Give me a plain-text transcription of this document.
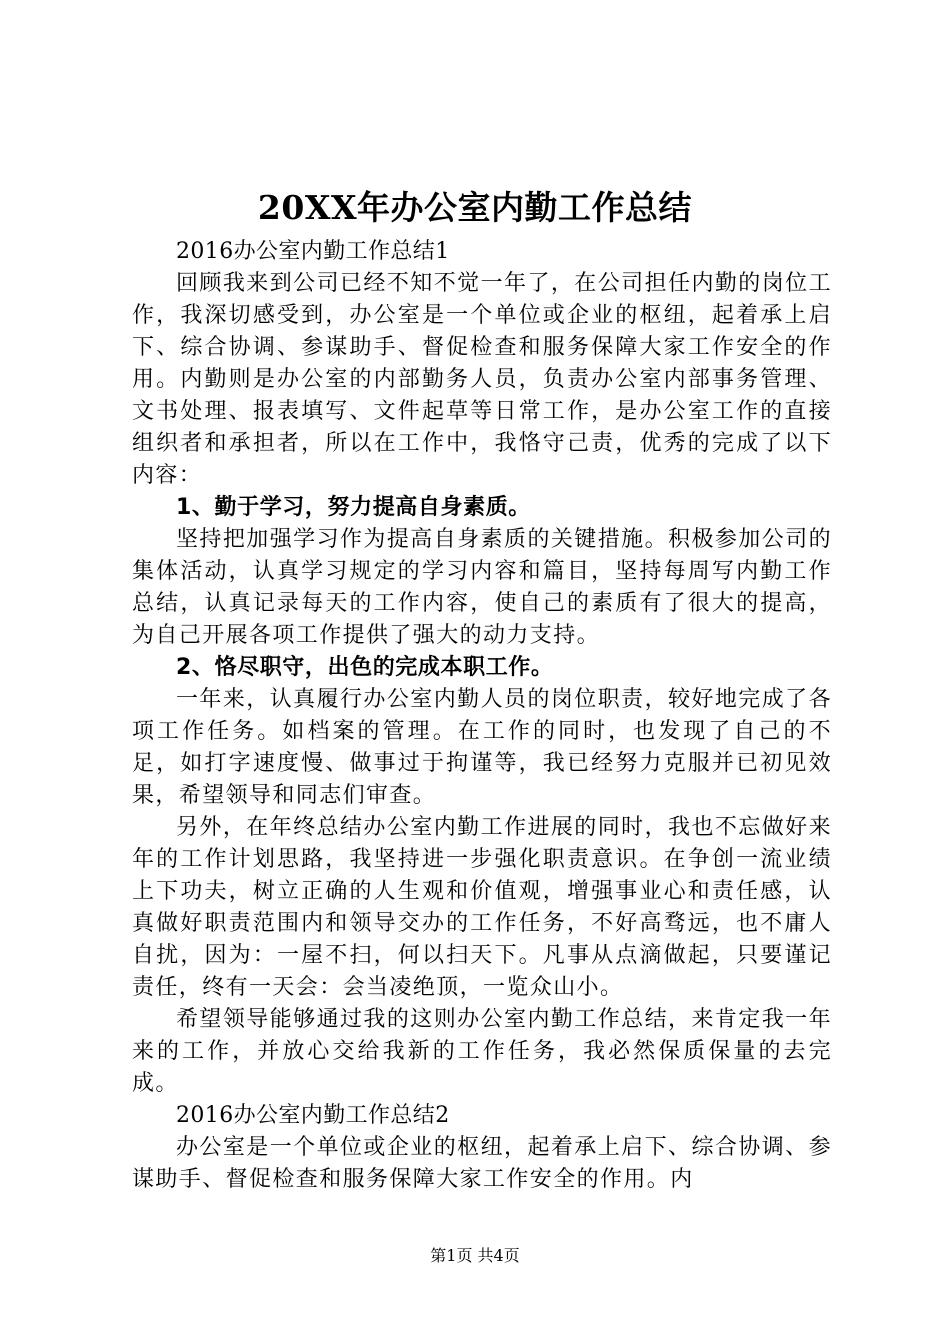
20XX年办公室内勤工作总结

2016办公室内勤工作总结1

回顾我来到公司已经不知不觉一年了，在公司担任内勤的岗位工作，我深切感受到，办公室是一个单位或企业的枢纽，起着承上启下、综合协调、参谋助手、督促检查和服务保障大家工作安全的作用。内勤则是办公室的内部勤务人员，负责办公室内部事务管理、文书处理、报表填写、文件起草等日常工作，是办公室工作的直接组织者和承担者，所以在工作中，我恪守己责，优秀的完成了以下内容：

1、勤于学习，努力提高自身素质。

坚持把加强学习作为提高自身素质的关键措施。积极参加公司的集体活动，认真学习规定的学习内容和篇目，坚持每周写内勤工作总结，认真记录每天的工作内容，使自己的素质有了很大的提高，为自己开展各项工作提供了强大的动力支持。

2、恪尽职守，出色的完成本职工作。

一年来，认真履行办公室内勤人员的岗位职责，较好地完成了各项工作任务。如档案的管理。在工作的同时，也发现了自己的不足，如打字速度慢、做事过于拘谨等，我已经努力克服并已初见效果，希望领导和同志们审查。

另外，在年终总结办公室内勤工作进展的同时，我也不忘做好来年的工作计划思路，我坚持进一步强化职责意识。在争创一流业绩上下功夫，树立正确的人生观和价值观，增强事业心和责任感，认真做好职责范围内和领导交办的工作任务，不好高骛远，也不庸人自扰，因为：一屋不扫，何以扫天下。凡事从点滴做起，只要谨记责任，终有一天会：会当凌绝顶，一览众山小。

希望领导能够通过我的这则办公室内勤工作总结，来肯定我一年来的工作，并放心交给我新的工作任务，我必然保质保量的去完成。

2016办公室内勤工作总结2

办公室是一个单位或企业的枢纽，起着承上启下、综合协调、参谋助手、督促检查和服务保障大家工作安全的作用。内

第1页 共4页
